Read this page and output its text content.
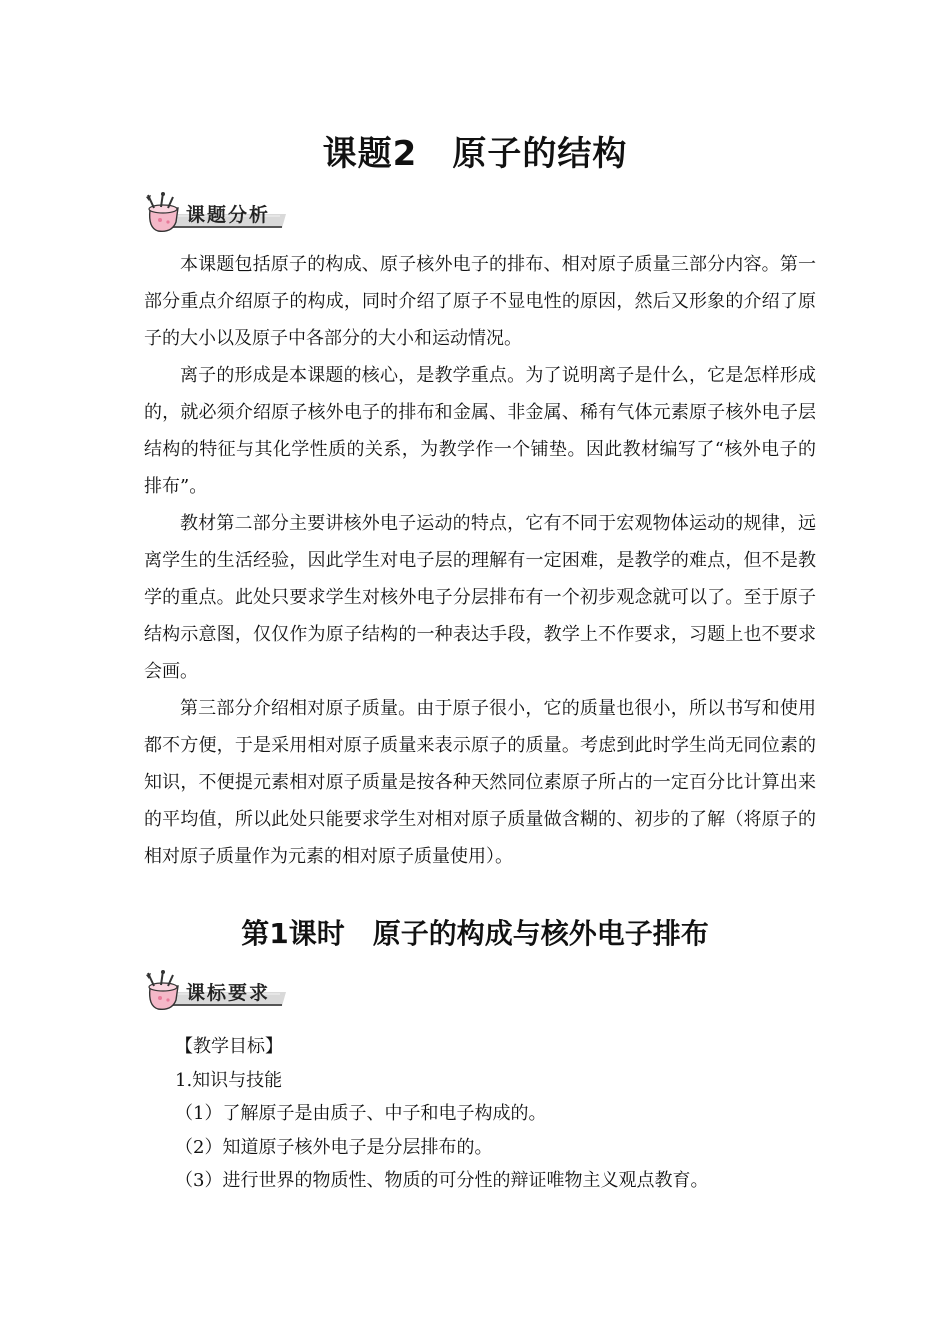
课题2　原子的结构
课题分析

本课题包括原子的构成、原子核外电子的排布、相对原子质量三部分内容。第一部分重点介绍原子的构成，同时介绍了原子不显电性的原因，然后又形象的介绍了原子的大小以及原子中各部分的大小和运动情况。

离子的形成是本课题的核心，是教学重点。为了说明离子是什么，它是怎样形成的，就必须介绍原子核外电子的排布和金属、非金属、稀有气体元素原子核外电子层结构的特征与其化学性质的关系，为教学作一个铺垫。因此教材编写了“核外电子的排布”。

教材第二部分主要讲核外电子运动的特点，它有不同于宏观物体运动的规律，远离学生的生活经验，因此学生对电子层的理解有一定困难，是教学的难点，但不是教学的重点。此处只要求学生对核外电子分层排布有一个初步观念就可以了。至于原子结构示意图，仅仅作为原子结构的一种表达手段，教学上不作要求，习题上也不要求会画。

第三部分介绍相对原子质量。由于原子很小，它的质量也很小，所以书写和使用都不方便，于是采用相对原子质量来表示原子的质量。考虑到此时学生尚无同位素的知识，不便提元素相对原子质量是按各种天然同位素原子所占的一定百分比计算出来的平均值，所以此处只能要求学生对相对原子质量做含糊的、初步的了解（将原子的相对原子质量作为元素的相对原子质量使用）。

第1课时　原子的构成与核外电子排布
课标要求
【教学目标】
1.知识与技能
（1）了解原子是由质子、中子和电子构成的。
（2）知道原子核外电子是分层排布的。
（3）进行世界的物质性、物质的可分性的辩证唯物主义观点教育。
